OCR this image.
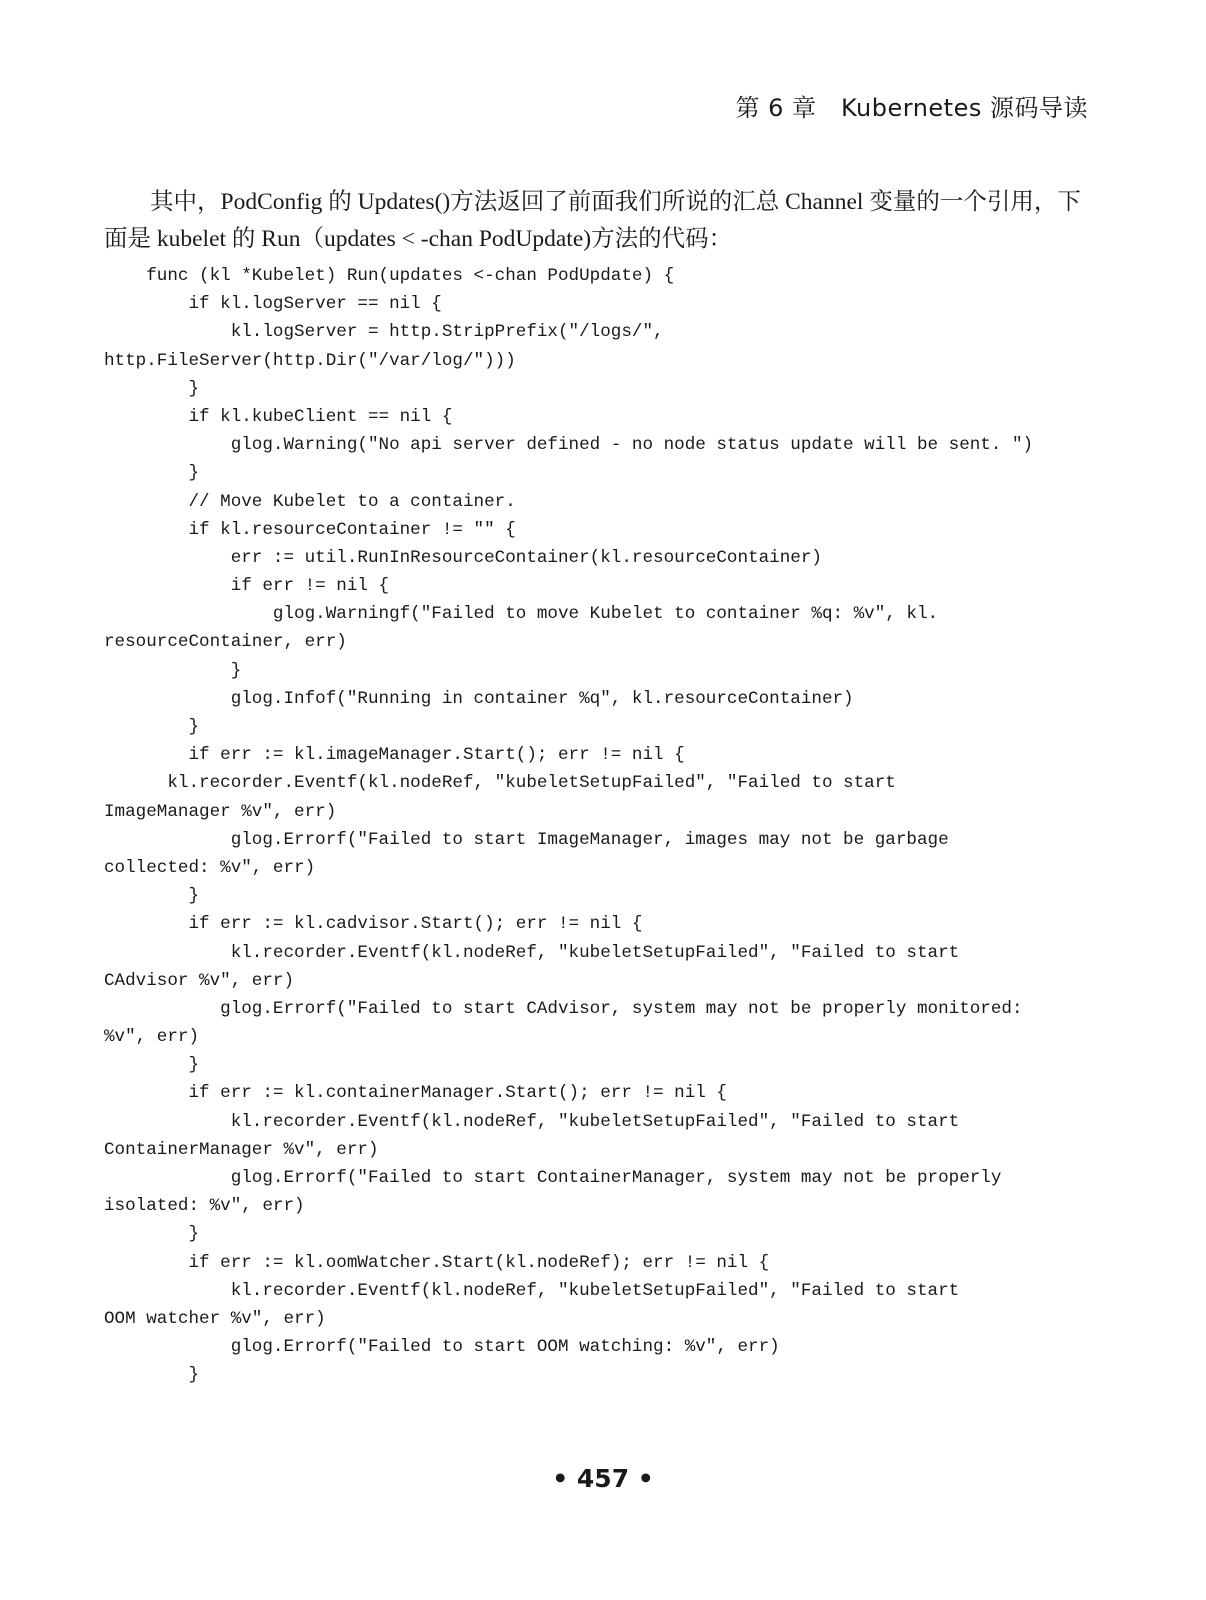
第 6 章　Kubernetes 源码导读

其中，PodConfig 的 Updates()方法返回了前面我们所说的汇总 Channel 变量的一个引用，下
面是 kubelet 的 Run（updates < -chan PodUpdate)方法的代码：

func (kl *Kubelet) Run(updates <-chan PodUpdate) {
if kl.logServer == nil {
kl.logServer = http.StripPrefix("/logs/",
http.FileServer(http.Dir("/var/log/")))
}
if kl.kubeClient == nil {
glog.Warning("No api server defined - no node status update will be sent. ")
}
// Move Kubelet to a container.
if kl.resourceContainer != "" {
err := util.RunInResourceContainer(kl.resourceContainer)
if err != nil {
glog.Warningf("Failed to move Kubelet to container %q: %v", kl.
resourceContainer, err)
}
glog.Infof("Running in container %q", kl.resourceContainer)
}
if err := kl.imageManager.Start(); err != nil {
kl.recorder.Eventf(kl.nodeRef, "kubeletSetupFailed", "Failed to start
ImageManager %v", err)
glog.Errorf("Failed to start ImageManager, images may not be garbage
collected: %v", err)
}
if err := kl.cadvisor.Start(); err != nil {
kl.recorder.Eventf(kl.nodeRef, "kubeletSetupFailed", "Failed to start
CAdvisor %v", err)
glog.Errorf("Failed to start CAdvisor, system may not be properly monitored:
%v", err)
}
if err := kl.containerManager.Start(); err != nil {
kl.recorder.Eventf(kl.nodeRef, "kubeletSetupFailed", "Failed to start
ContainerManager %v", err)
glog.Errorf("Failed to start ContainerManager, system may not be properly
isolated: %v", err)
}
if err := kl.oomWatcher.Start(kl.nodeRef); err != nil {
kl.recorder.Eventf(kl.nodeRef, "kubeletSetupFailed", "Failed to start
OOM watcher %v", err)
glog.Errorf("Failed to start OOM watching: %v", err)
}
• 457 •
